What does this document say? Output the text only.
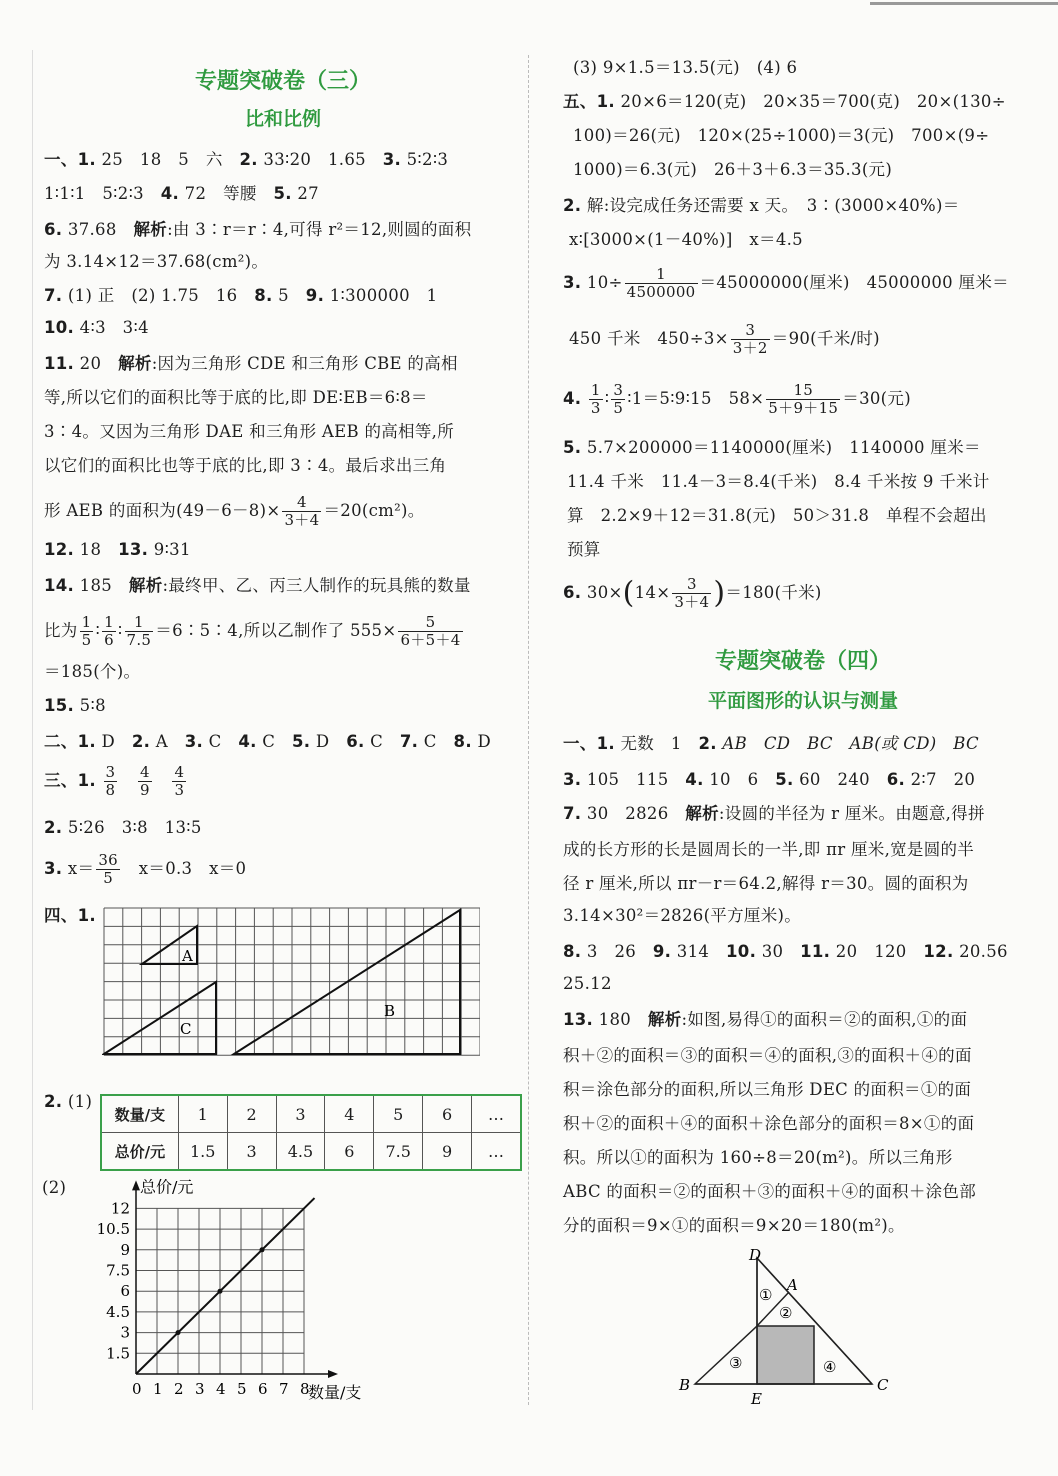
专题突破卷（三）
比和比例
一、1. 25　18　5　六　2. 33∶20　1.65　3. 5∶2∶3
1∶1∶1　5∶2∶3　4. 72　等腰　5. 27
6. 37.68　解析:由 3∶r＝r∶4,可得 r²＝12,则圆的面积
为 3.14×12＝37.68(cm²)。
7. (1) 正　(2) 1.75　16　8. 5　9. 1∶300000　1
10. 4∶3　3∶4
11. 20　解析:因为三角形 CDE 和三角形 CBE 的高相
等,所以它们的面积比等于底的比,即 DE∶EB＝6∶8＝
3∶4。又因为三角形 DAE 和三角形 AEB 的高相等,所
以它们的面积比也等于底的比,即 3∶4。最后求出三角
形 AEB 的面积为$(49-6-8)\times \frac{4}{3+4} =20(cm^2)$。
12. 18　13. 9∶31
14. 185　解析:最终甲、乙、丙三人制作的玩具熊的数量
比为 $\frac{1}{5}$ ∶ $\frac{1}{6}$ ∶ $\frac{1}{7.5}$ ＝6∶5∶4,所以乙制作了 $555\times \frac{5}{6+5+4}$
＝185(个)。
15. 5∶8
二、1. D　2. A　3. C　4. C　5. D　6. C　7. C　8. D
三、1. $\frac{3}{8}$
$\frac{4}{9}$
$\frac{4}{3}$
2. 5∶26　3∶8　13∶5
3. $x= \frac{36}{5}$ 　x＝0.3　x＝0
四、1.
A
C
B
2. (1)
数量/支	1	2	3	4	5	6	…
总价/元	1.5	3	4.5	6	7.5	9	…
(2)
0 1 2 3 4 5 6 7 8
1.5
3
4.5
6
7.5
9
10.5
12
数量/支
总价/元
(3) 9×1.5＝13.5(元)　(4) 6
五、1. 20×6＝120(克)　20×35＝700(克)　20×(130÷
100)＝26(元)　120×(25÷1000)＝3(元)　700×(9÷
1000)＝6.3(元)　26＋3＋6.3＝35.3(元)
2. 解:设完成任务还需要 x 天。　3∶(3000×40%)＝
x∶[3000×(1－40%)]　x＝4.5
3. $10\div \frac{1}{4500000} =45000000$(厘米)　45000000 厘米＝
450 千米　$450\div 3\times \frac{3}{3+2} =90$(千米/时)
4. $\frac{1}{3}$ ∶ $\frac{3}{5}$ ∶1＝5∶9∶15　$58\times \frac{15}{5+9+15} =30$(元)
5. 5.7×200000＝1140000(厘米)　1140000 厘米＝
11.4 千米　11.4－3＝8.4(千米)　8.4 千米按 9 千米计
算　2.2×9＋12＝31.8(元)　50＞31.8　单程不会超出
预算
6. $30\times(14\times \frac{3}{3+4} )=180$(千米)
专题突破卷（四）
平面图形的认识与测量
一、1. 无数　1　2. AB　CD　BC　AB(或 CD)　BC
3. 105　115　4. 10　6　5. 60　240　6. 2∶7　20
7. 30　2826　解析:设圆的半径为 r 厘米。由题意,得拼
成的长方形的长是圆周长的一半,即 πr 厘米,宽是圆的半
径 r 厘米,所以 πr－r＝64.2,解得 r＝30。圆的面积为
3.14×30²＝2826(平方厘米)。
8. 3　26　9. 314　10. 30　11. 20　120　12. 20.56
25.12
13. 180　解析:如图,易得①的面积＝②的面积,①的面
积＋②的面积＝③的面积＝④的面积,③的面积＋④的面
积＝涂色部分的面积,所以三角形 DEC 的面积＝①的面
积＋②的面积＋④的面积＋涂色部分的面积＝8×①的面
积。所以①的面积为 160÷8＝20(m²)。所以三角形
ABC 的面积＝②的面积＋③的面积＋④的面积＋涂色部
分的面积＝9×①的面积＝9×20＝180(m²)。
D
A
B
E
C
①
②
③	④
